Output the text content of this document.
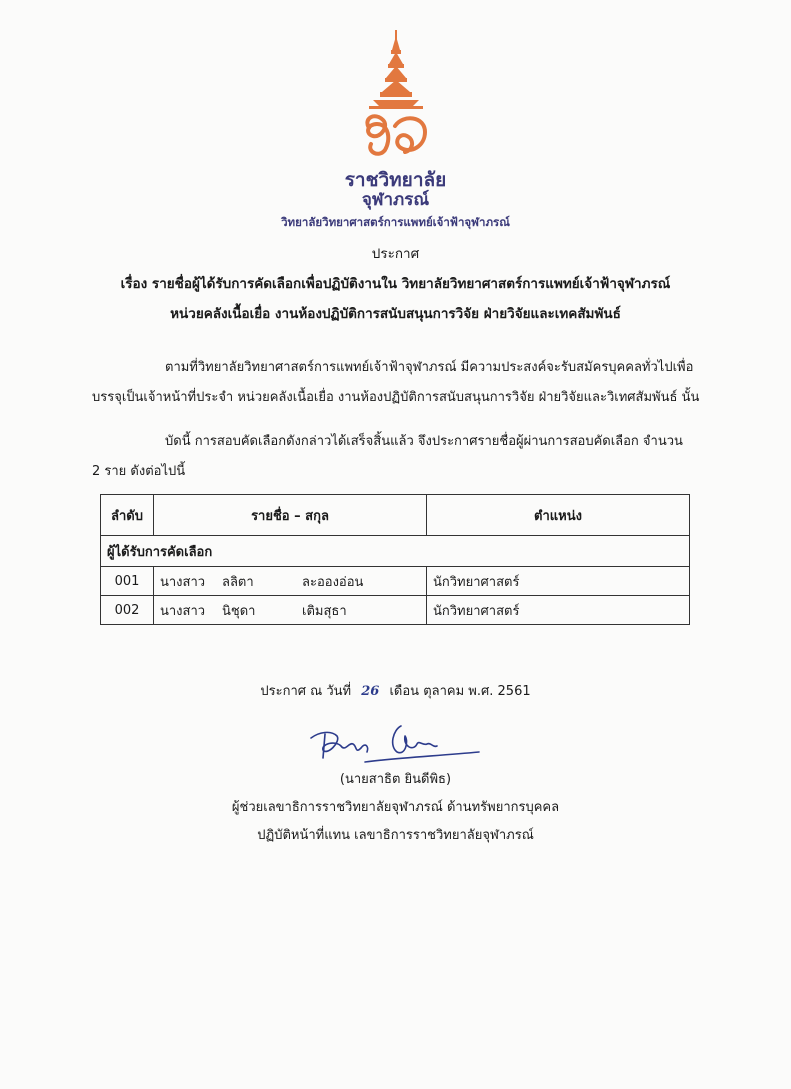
ราชวิทยาลัย
จุฬาภรณ์
วิทยาลัยวิทยาศาสตร์การแพทย์เจ้าฟ้าจุฬาภรณ์
ประกาศ
เรื่อง รายชื่อผู้ได้รับการคัดเลือกเพื่อปฏิบัติงานใน วิทยาลัยวิทยาศาสตร์การแพทย์เจ้าฟ้าจุฬาภรณ์
หน่วยคลังเนื้อเยื่อ งานห้องปฏิบัติการสนับสนุนการวิจัย ฝ่ายวิจัยและเทคสัมพันธ์
ตามที่วิทยาลัยวิทยาศาสตร์การแพทย์เจ้าฟ้าจุฬาภรณ์ มีความประสงค์จะรับสมัครบุคคลทั่วไปเพื่อ
บรรจุเป็นเจ้าหน้าที่ประจำ หน่วยคลังเนื้อเยื่อ งานห้องปฏิบัติการสนับสนุนการวิจัย ฝ่ายวิจัยและวิเทศสัมพันธ์ นั้น
บัดนี้ การสอบคัดเลือกดังกล่าวได้เสร็จสิ้นแล้ว จึงประกาศรายชื่อผู้ผ่านการสอบคัดเลือก จำนวน
2 ราย ดังต่อไปนี้
ลำดับ	รายชื่อ – สกุล	ตำแหน่ง
ผู้ได้รับการคัดเลือก		
001	นางสาว ลลิตา ละอองอ่อน	นักวิทยาศาสตร์
002	นางสาว นิชุดา เติมสุธา	นักวิทยาศาสตร์
ประกาศ ณ วันที่ 26 เดือน ตุลาคม พ.ศ. 2561
(นายสาธิต ยินดีพิธ)
ผู้ช่วยเลขาธิการราชวิทยาลัยจุฬาภรณ์ ด้านทรัพยากรบุคคล
ปฏิบัติหน้าที่แทน เลขาธิการราชวิทยาลัยจุฬาภรณ์
